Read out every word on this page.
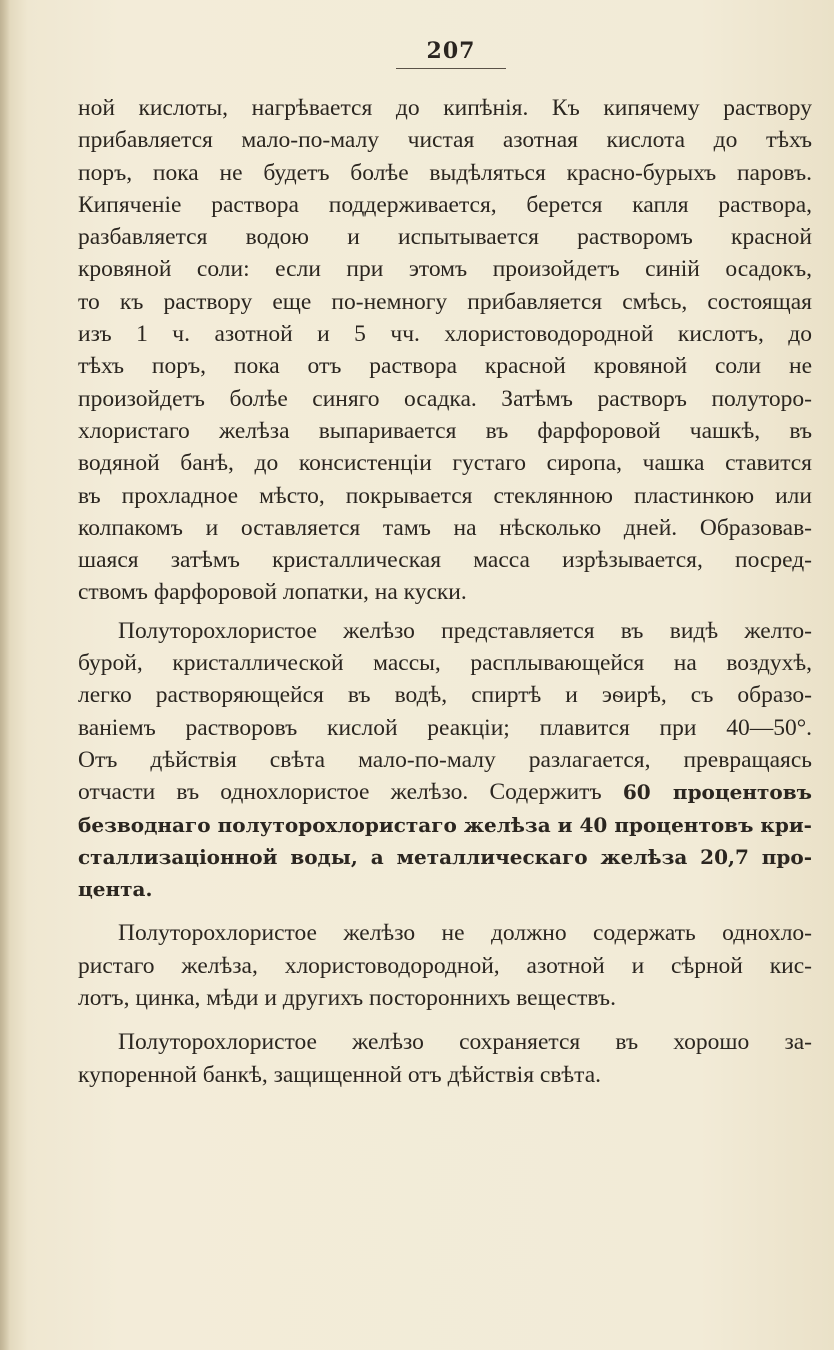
207
ной кислоты, нагрѣвается до кипѣнія. Къ кипячему раствору
прибавляется мало-по-малу чистая азотная кислота до тѣхъ
поръ, пока не будетъ болѣе выдѣляться красно-бурыхъ паровъ.
Кипяченіе раствора поддерживается, берется капля раствора,
разбавляется водою и испытывается растворомъ красной
кровяной соли: если при этомъ произойдетъ синій осадокъ,
то къ раствору еще по-немногу прибавляется смѣсь, состоящая
изъ 1 ч. азотной и 5 чч. хлористоводородной кислотъ, до
тѣхъ поръ, пока отъ раствора красной кровяной соли не
произойдетъ болѣе синяго осадка. Затѣмъ растворъ полуторо-
хлористаго желѣза выпаривается въ фарфоровой чашкѣ, въ
водяной банѣ, до консистенціи густаго сиропа, чашка ставится
въ прохладное мѣсто, покрывается стеклянною пластинкою или
колпакомъ и оставляется тамъ на нѣсколько дней. Образовав-
шаяся затѣмъ кристаллическая масса изрѣзывается, посред-
ствомъ фарфоровой лопатки, на куски.
Полуторохлористое желѣзо представляется въ видѣ желто-
бурой, кристаллической массы, расплывающейся на воздухѣ,
легко растворяющейся въ водѣ, спиртѣ и эѳирѣ, съ образо-
ваніемъ растворовъ кислой реакціи; плавится при 40—50°.
Отъ дѣйствія свѣта мало-по-малу разлагается, превращаясь
отчасти въ однохлористое желѣзо. Содержитъ 60 процентовъ
безводнаго полуторохлористаго желѣза и 40 процентовъ кри-
сталлизаціонной воды, а металлическаго желѣза 20,7 про-
цента.
Полуторохлористое желѣзо не должно содержать однохло-
ристаго желѣза, хлористоводородной, азотной и сѣрной кис-
лотъ, цинка, мѣди и другихъ постороннихъ веществъ.
Полуторохлористое желѣзо сохраняется въ хорошо за-
купоренной банкѣ, защищенной отъ дѣйствія свѣта.
